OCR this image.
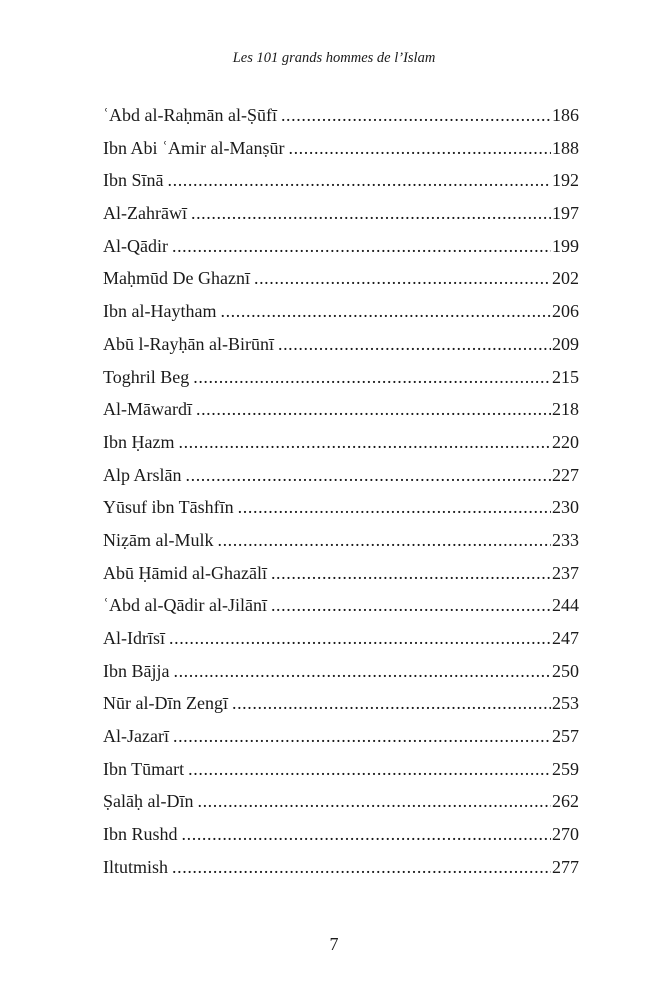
Les 101 grands hommes de l’Islam
ʿAbd al-Raḥmān al-Ṣūfī .....	186
Ibn Abi ʿAmir al-Manṣūr .....	188
Ibn Sīnā .....	192
Al-Zahrāwī .....	197
Al-Qādir .....	199
Maḥmūd De Ghaznī .....	202
Ibn al-Haytham .....	206
Abū l-Rayḥān al-Birūnī .....	209
Toghril Beg .....	215
Al-Māwardī .....	218
Ibn Ḥazm .....	220
Alp Arslān .....	227
Yūsuf ibn Tāshfīn .....	230
Niẓām al-Mulk .....	233
Abū Ḥāmid al-Ghazālī .....	237
ʿAbd al-Qādir al-Jilānī .....	244
Al-Idrīsī .....	247
Ibn Bājja .....	250
Nūr al-Dīn Zengī .....	253
Al-Jazarī .....	257
Ibn Tūmart .....	259
Ṣalāḥ al-Dīn .....	262
Ibn Rushd .....	270
Iltutmish .....	277
7
